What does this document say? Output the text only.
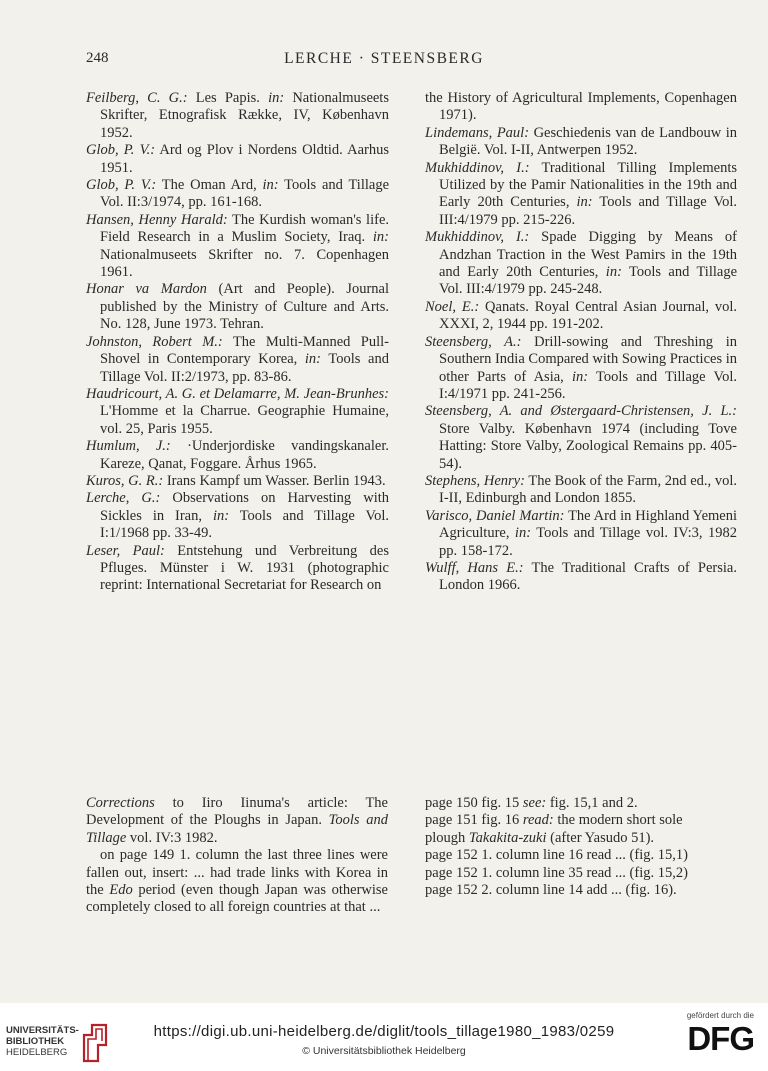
248	LERCHE · STEENSBERG

Feilberg, C. G.: Les Papis. in: Nationalmuseets Skrifter, Etnografisk Række, IV, København 1952.

Glob, P. V.: Ard og Plov i Nordens Oldtid. Aarhus 1951.

Glob, P. V.: The Oman Ard, in: Tools and Tillage Vol. II:3/1974, pp. 161-168.

Hansen, Henny Harald: The Kurdish woman's life. Field Research in a Muslim Society, Iraq. in: Nationalmuseets Skrifter no. 7. Copenhagen 1961.

Honar va Mardon (Art and People). Journal published by the Ministry of Culture and Arts. No. 128, June 1973. Tehran.

Johnston, Robert M.: The Multi-Manned Pull-Shovel in Contemporary Korea, in: Tools and Tillage Vol. II:2/1973, pp. 83-86.

Haudricourt, A. G. et Delamarre, M. Jean-Brunhes: L'Homme et la Charrue. Geographie Humaine, vol. 25, Paris 1955.

Humlum, J.: ·Underjordiske vandingskanaler. Kareze, Qanat, Foggare. Århus 1965.

Kuros, G. R.: Irans Kampf um Wasser. Berlin 1943.

Lerche, G.: Observations on Harvesting with Sickles in Iran, in: Tools and Tillage Vol. I:1/1968 pp. 33-49.

Leser, Paul: Entstehung und Verbreitung des Pfluges. Münster i W. 1931 (photographic reprint: International Secretariat for Research on

the History of Agricultural Implements, Copenhagen 1971).

Lindemans, Paul: Geschiedenis van de Landbouw in België. Vol. I-II, Antwerpen 1952.

Mukhiddinov, I.: Traditional Tilling Implements Utilized by the Pamir Nationalities in the 19th and Early 20th Centuries, in: Tools and Tillage Vol. III:4/1979 pp. 215-226.

Mukhiddinov, I.: Spade Digging by Means of Andzhan Traction in the West Pamirs in the 19th and Early 20th Centuries, in: Tools and Tillage Vol. III:4/1979 pp. 245-248.

Noel, E.: Qanats. Royal Central Asian Journal, vol. XXXI, 2, 1944 pp. 191-202.

Steensberg, A.: Drill-sowing and Threshing in Southern India Compared with Sowing Practices in other Parts of Asia, in: Tools and Tillage Vol. I:4/1971 pp. 241-256.

Steensberg, A. and Østergaard-Christensen, J. L.: Store Valby. København 1974 (including Tove Hatting: Store Valby, Zoological Remains pp. 405-54).

Stephens, Henry: The Book of the Farm, 2nd ed., vol. I-II, Edinburgh and London 1855.

Varisco, Daniel Martin: The Ard in Highland Yemeni Agriculture, in: Tools and Tillage vol. IV:3, 1982 pp. 158-172.

Wulff, Hans E.: The Traditional Crafts of Persia. London 1966.

Corrections to Iiro Iinuma's article: The Development of the Ploughs in Japan. Tools and Tillage vol. IV:3 1982.

on page 149 1. column the last three lines were fallen out, insert: ... had trade links with Korea in the Edo period (even though Japan was otherwise completely closed to all foreign countries at that ...

page 150 fig. 15 see: fig. 15,1 and 2.
page 151 fig. 16 read: the modern short sole
plough Takakita-zuki (after Yasudo 51).
page 152 1. column line 16 read ... (fig. 15,1)
page 152 1. column line 35 read ... (fig. 15,2)
page 152 2. column line 14 add ... (fig. 16).
UNIVERSITÄTS-
BIBLIOTHEK
HEIDELBERG
https://digi.ub.uni-heidelberg.de/diglit/tools_tillage1980_1983/0259
© Universitätsbibliothek Heidelberg
gefördert durch die
DFG
